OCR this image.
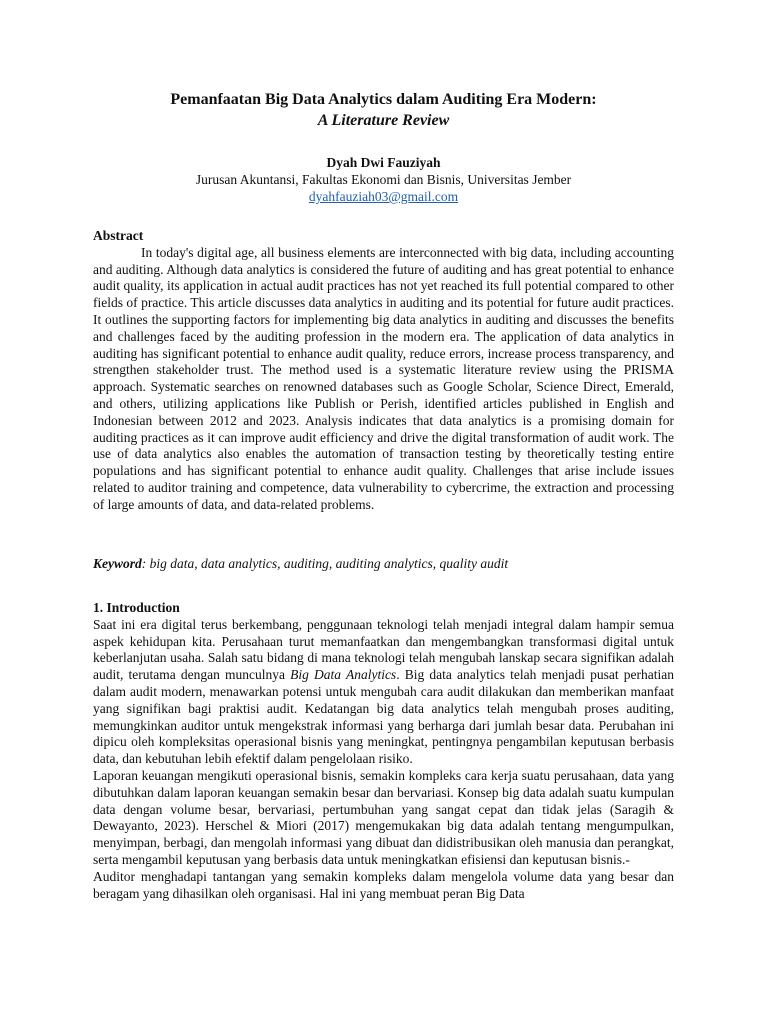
Pemanfaatan Big Data Analytics dalam Auditing Era Modern:

A Literature Review

Dyah Dwi Fauziyah

Jurusan Akuntansi, Fakultas Ekonomi dan Bisnis, Universitas Jember

dyahfauziah03@gmail.com

Abstract

In today's digital age, all business elements are interconnected with big data, including accounting and auditing. Although data analytics is considered the future of auditing and has great potential to enhance audit quality, its application in actual audit practices has not yet reached its full potential compared to other fields of practice. This article discusses data analytics in auditing and its potential for future audit practices. It outlines the supporting factors for implementing big data analytics in auditing and discusses the benefits and challenges faced by the auditing profession in the modern era. The application of data analytics in auditing has significant potential to enhance audit quality, reduce errors, increase process transparency, and strengthen stakeholder trust. The method used is a systematic literature review using the PRISMA approach. Systematic searches on renowned databases such as Google Scholar, Science Direct, Emerald, and others, utilizing applications like Publish or Perish, identified articles published in English and Indonesian between 2012 and 2023. Analysis indicates that data analytics is a promising domain for auditing practices as it can improve audit efficiency and drive the digital transformation of audit work. The use of data analytics also enables the automation of transaction testing by theoretically testing entire populations and has significant potential to enhance audit quality. Challenges that arise include issues related to auditor training and competence, data vulnerability to cybercrime, the extraction and processing of large amounts of data, and data-related problems.

Keyword: big data, data analytics, auditing, auditing analytics, quality audit

1. Introduction

Saat ini era digital terus berkembang, penggunaan teknologi telah menjadi integral dalam hampir semua aspek kehidupan kita. Perusahaan turut memanfaatkan dan mengembangkan transformasi digital untuk keberlanjutan usaha. Salah satu bidang di mana teknologi telah mengubah lanskap secara signifikan adalah audit, terutama dengan munculnya Big Data Analytics. Big data analytics telah menjadi pusat perhatian dalam audit modern, menawarkan potensi untuk mengubah cara audit dilakukan dan memberikan manfaat yang signifikan bagi praktisi audit. Kedatangan big data analytics telah mengubah proses auditing, memungkinkan auditor untuk mengekstrak informasi yang berharga dari jumlah besar data. Perubahan ini dipicu oleh kompleksitas operasional bisnis yang meningkat, pentingnya pengambilan keputusan berbasis data, dan kebutuhan lebih efektif dalam pengelolaan risiko.

Laporan keuangan mengikuti operasional bisnis, semakin kompleks cara kerja suatu perusahaan, data yang dibutuhkan dalam laporan keuangan semakin besar dan bervariasi. Konsep big data adalah suatu kumpulan data dengan volume besar, bervariasi, pertumbuhan yang sangat cepat dan tidak jelas (Saragih & Dewayanto, 2023). Herschel & Miori (2017) mengemukakan big data adalah tentang mengumpulkan, menyimpan, berbagi, dan mengolah informasi yang dibuat dan didistribusikan oleh manusia dan perangkat, serta mengambil keputusan yang berbasis data untuk meningkatkan efisiensi dan keputusan bisnis.-

Auditor menghadapi tantangan yang semakin kompleks dalam mengelola volume data yang besar dan beragam yang dihasilkan oleh organisasi. Hal ini yang membuat peran Big Data
